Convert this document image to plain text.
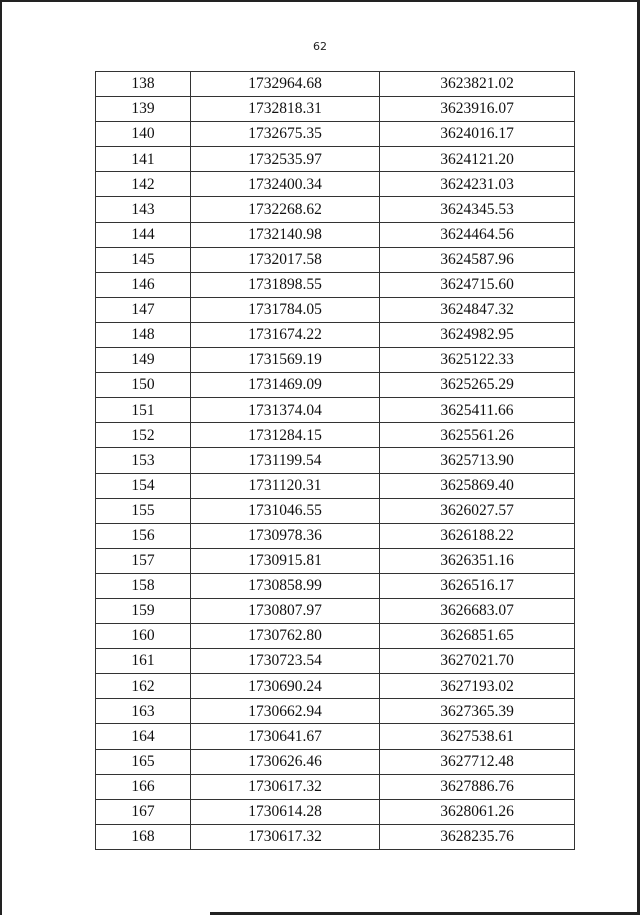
62
138	1732964.68	3623821.02
139	1732818.31	3623916.07
140	1732675.35	3624016.17
141	1732535.97	3624121.20
142	1732400.34	3624231.03
143	1732268.62	3624345.53
144	1732140.98	3624464.56
145	1732017.58	3624587.96
146	1731898.55	3624715.60
147	1731784.05	3624847.32
148	1731674.22	3624982.95
149	1731569.19	3625122.33
150	1731469.09	3625265.29
151	1731374.04	3625411.66
152	1731284.15	3625561.26
153	1731199.54	3625713.90
154	1731120.31	3625869.40
155	1731046.55	3626027.57
156	1730978.36	3626188.22
157	1730915.81	3626351.16
158	1730858.99	3626516.17
159	1730807.97	3626683.07
160	1730762.80	3626851.65
161	1730723.54	3627021.70
162	1730690.24	3627193.02
163	1730662.94	3627365.39
164	1730641.67	3627538.61
165	1730626.46	3627712.48
166	1730617.32	3627886.76
167	1730614.28	3628061.26
168	1730617.32	3628235.76
